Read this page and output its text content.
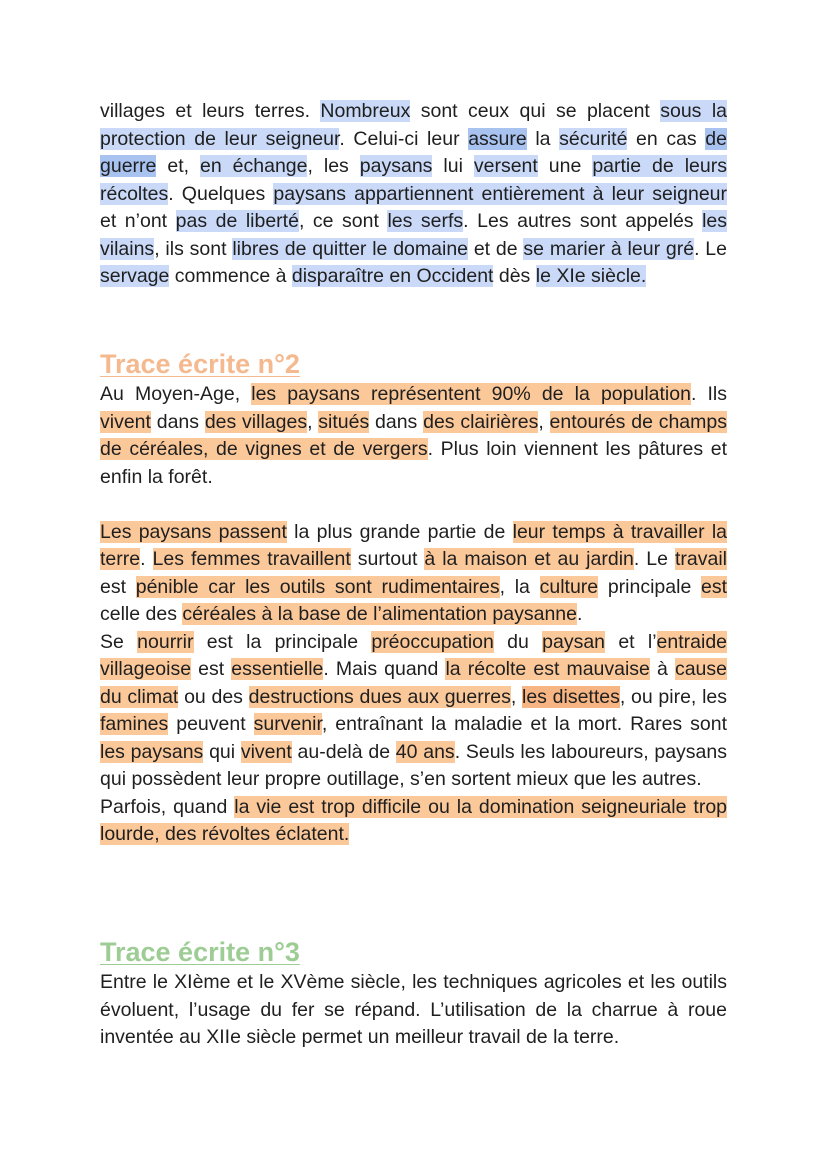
villages et leurs terres. Nombreux sont ceux qui se placent sous la protection de leur seigneur. Celui-ci leur assure la sécurité en cas de guerre et, en échange, les paysans lui versent une partie de leurs récoltes. Quelques paysans appartiennent entièrement à leur seigneur et n’ont pas de liberté, ce sont les serfs. Les autres sont appelés les vilains, ils sont libres de quitter le domaine et de se marier à leur gré. Le servage commence à disparaître en Occident dès le XIe siècle.

Trace écrite n°2

Au Moyen-Age, les paysans représentent 90% de la population. Ils vivent dans des villages, situés dans des clairières, entourés de champs de céréales, de vignes et de vergers. Plus loin viennent les pâtures et enfin la forêt.

Les paysans passent la plus grande partie de leur temps à travailler la terre. Les femmes travaillent surtout à la maison et au jardin. Le travail est pénible car les outils sont rudimentaires, la culture principale est celle des céréales à la base de l’alimentation paysanne.

Se nourrir est la principale préoccupation du paysan et l’entraide villageoise est essentielle. Mais quand la récolte est mauvaise à cause du climat ou des destructions dues aux guerres, les disettes, ou pire, les famines peuvent survenir, entraînant la maladie et la mort. Rares sont les paysans qui vivent au-delà de 40 ans. Seuls les laboureurs, paysans qui possèdent leur propre outillage, s’en sortent mieux que les autres.

Parfois, quand la vie est trop difficile ou la domination seigneuriale trop lourde, des révoltes éclatent.

Trace écrite n°3

Entre le XIème et le XVème siècle, les techniques agricoles et les outils évoluent, l’usage du fer se répand. L’utilisation de la charrue à roue inventée au XIIe siècle permet un meilleur travail de la terre.
